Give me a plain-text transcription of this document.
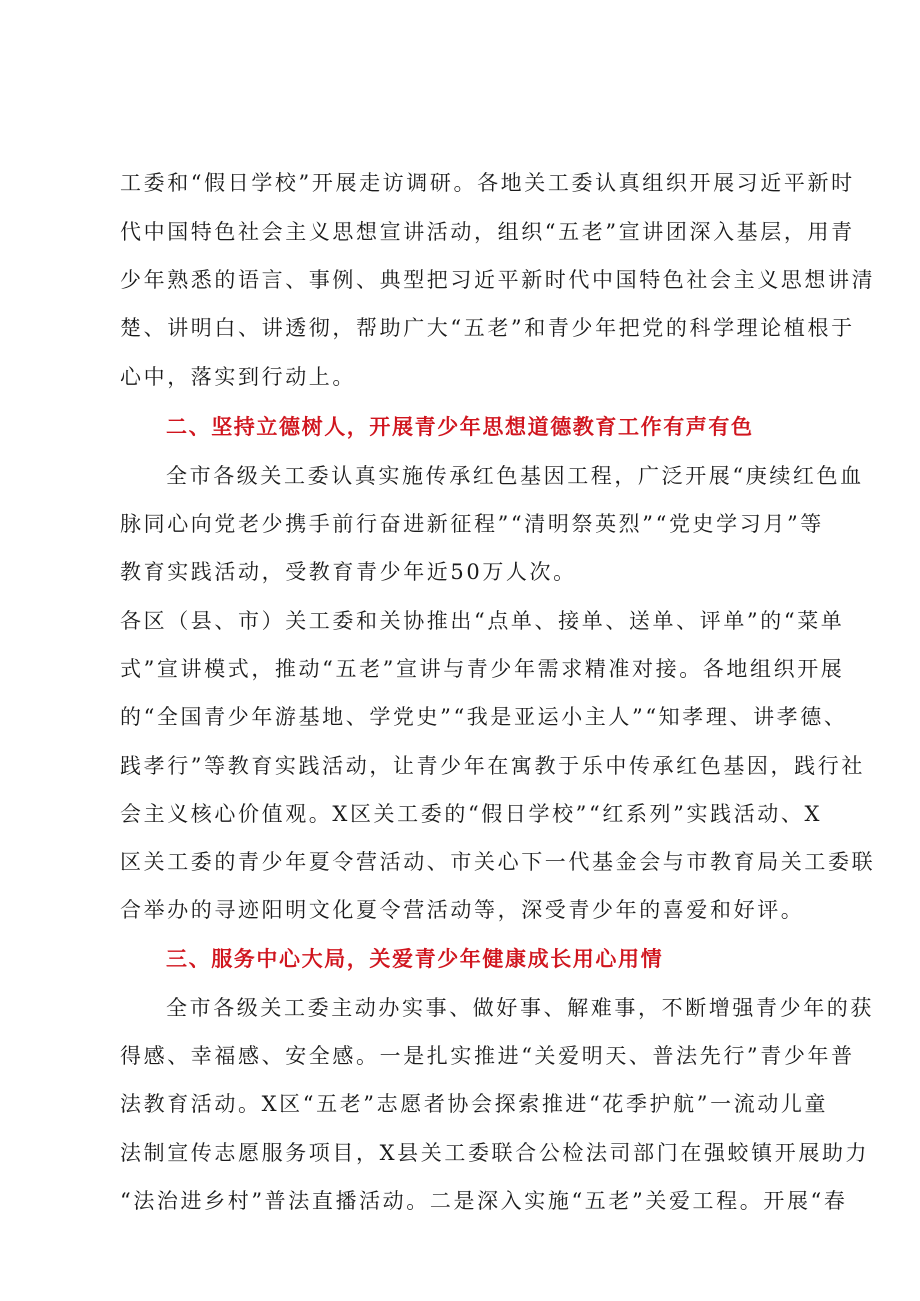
工委和“假日学校”开展走访调研。各地关工委认真组织开展习近平新时
代中国特色社会主义思想宣讲活动，组织“五老”宣讲团深入基层，用青
少年熟悉的语言、事例、典型把习近平新时代中国特色社会主义思想讲清
楚、讲明白、讲透彻，帮助广大“五老”和青少年把党的科学理论植根于
心中，落实到行动上。
二、坚持立德树人，开展青少年思想道德教育工作有声有色
全市各级关工委认真实施传承红色基因工程，广泛开展“庚续红色血
脉同心向党老少携手前行奋进新征程”“清明祭英烈”“党史学习月”等
教育实践活动，受教育青少年近50万人次。
各区（县、市）关工委和关协推出“点单、接单、送单、评单”的“菜单
式”宣讲模式，推动“五老”宣讲与青少年需求精准对接。各地组织开展
的“全国青少年游基地、学党史”“我是亚运小主人”“知孝理、讲孝德、
践孝行”等教育实践活动，让青少年在寓教于乐中传承红色基因，践行社
会主义核心价值观。X区关工委的“假日学校”“红系列”实践活动、X
区关工委的青少年夏令营活动、市关心下一代基金会与市教育局关工委联
合举办的寻迹阳明文化夏令营活动等，深受青少年的喜爱和好评。
三、服务中心大局，关爱青少年健康成长用心用情
全市各级关工委主动办实事、做好事、解难事，不断增强青少年的获
得感、幸福感、安全感。一是扎实推进“关爱明天、普法先行”青少年普
法教育活动。X区“五老”志愿者协会探索推进“花季护航”一流动儿童
法制宣传志愿服务项目，X县关工委联合公检法司部门在强蛟镇开展助力
“法治进乡村”普法直播活动。二是深入实施“五老”关爱工程。开展“春
